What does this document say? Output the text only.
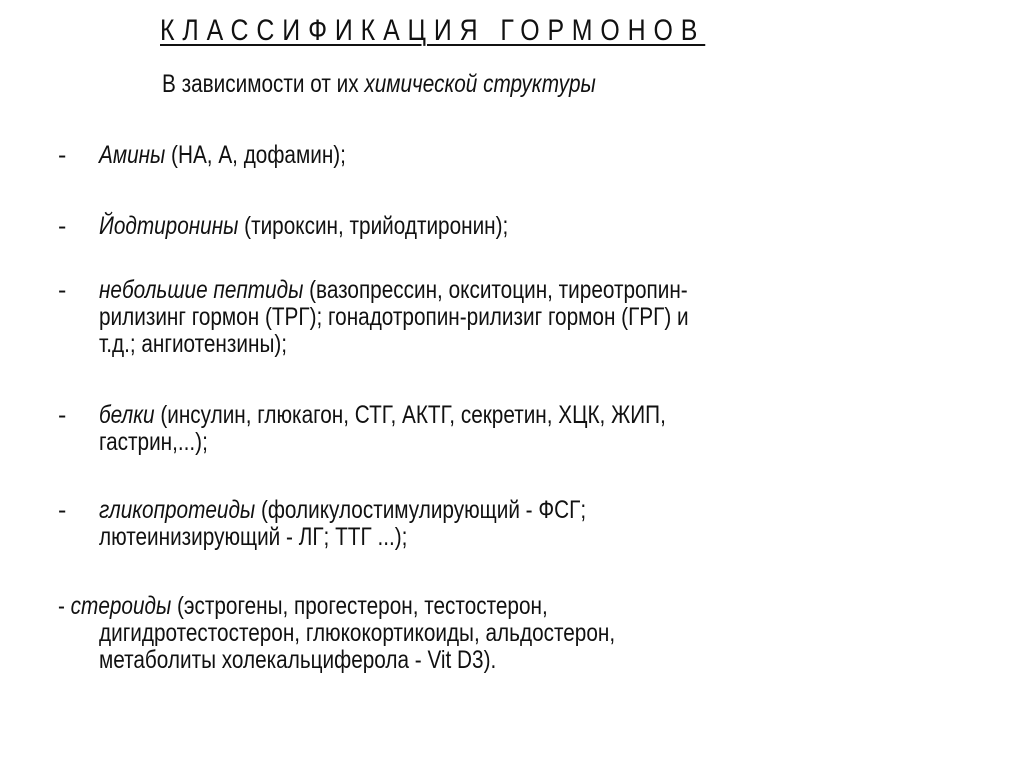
КЛАССИФИКАЦИЯ ГОРМОНОВ
В зависимости от их химической структуры
- Амины (НА, А, дофамин);
- Йодтиронины (тироксин, трийодтиронин);
- небольшие пептиды (вазопрессин, окситоцин, тиреотропин-
рилизинг гормон (ТРГ); гонадотропин-рилизиг гормон (ГРГ) и
т.д.; ангиотензины);
- белки (инсулин, глюкагон, СТГ, АКТГ, секретин, ХЦК, ЖИП,
гастрин,...);
- гликопротеиды (фоликулостимулирующий - ФСГ;
лютеинизирующий - ЛГ; ТТГ ...);
- стероиды (эстрогены, прогестерон, тестостерон,
дигидротестостерон, глюкокортикоиды, альдостерон,
метаболиты холекальциферола - Vit D3).
